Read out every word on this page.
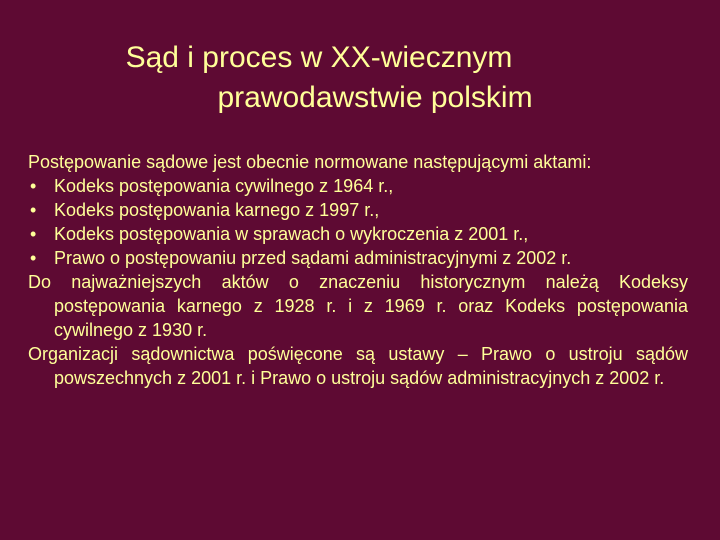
Sąd i proces w XX-wiecznym
prawodawstwie polskim

Postępowanie sądowe jest obecnie normowane następującymi aktami:

• Kodeks postępowania cywilnego z 1964 r.,

• Kodeks postępowania karnego z 1997 r.,

• Kodeks postępowania w sprawach o wykroczenia z 2001 r.,

• Prawo o postępowaniu przed sądami administracyjnymi z 2002 r.

Do najważniejszych aktów o znaczeniu historycznym należą Kodeksy postępowania karnego z 1928 r. i z 1969 r. oraz Kodeks postępowania cywilnego z 1930 r.

Organizacji sądownictwa poświęcone są ustawy – Prawo o ustroju sądów powszechnych z 2001 r. i Prawo o ustroju sądów administracyjnych z 2002 r.
